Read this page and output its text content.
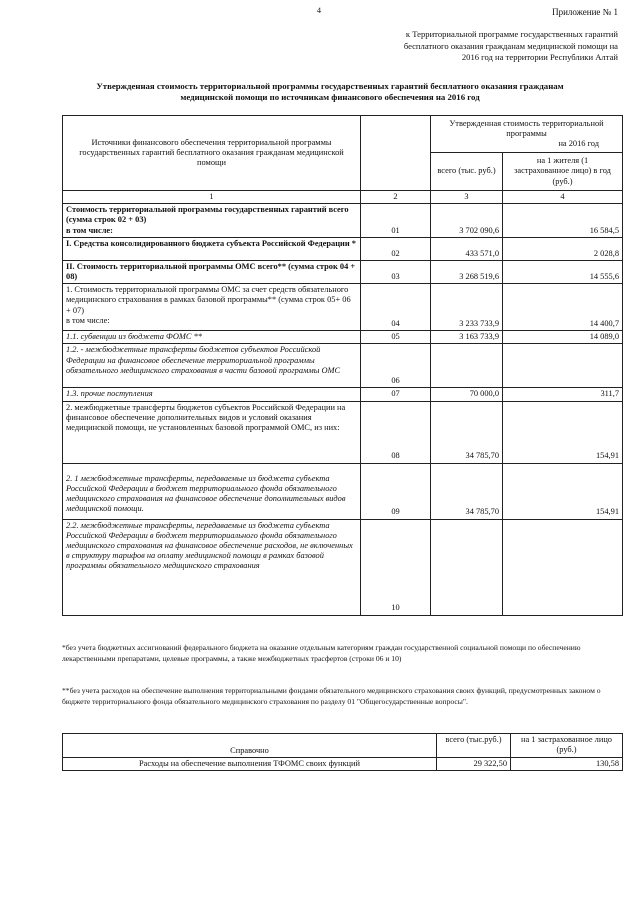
4	Приложение № 1
к Территориальной программе государственных гарантий
бесплатного оказания гражданам медицинской помощи на
2016 год на территории Республики Алтай
Утвержденная стоимость территориальной программы государственных гарантий бесплатного оказания гражданам
медицинской помощи по источникам финансового обеспечения на 2016 год
Источники финансового обеспечения территориальной программы государственных гарантий бесплатного оказания гражданам медицинской помощи		Утвержденная стоимость территориальной программы
на 2016 год	

		всего (тыс. руб.)	на 1 жителя (1 застрахованное лицо) в год (руб.)
1	2	3	4

Стоимость территориальной программы государственных гарантий всего (сумма строк 02 + 03)
в том числе:	01	3 702 090,6	16 584,5
I. Средства консолидированного бюджета субъекта Российской Федерации *	02	433 571,0	2 028,8
II. Стоимость территориальной программы ОМС всего** (сумма строк 04 + 08)	03	3 268 519,6	14 555,6

1. Стоимость территориальной программы ОМС за счет средств обязательного медицинского страхования в рамках базовой программы** (сумма строк 05+ 06 + 07)
в том числе:	04	3 233 733,9	14 400,7
1.1. субвенции из бюджета ФОМС **	05	3 163 733,9	14 089,0
1.2. - межбюджетные трансферты бюджетов субъектов Российской Федерации на финансовое обеспечение территориальной программы обязательного медицинского страхования в части базовой программы ОМС	06		
1.3. прочие поступления	07	70 000,0	311,7
2. межбюджетные трансферты бюджетов субъектов Российской Федерации на финансовое обеспечение дополнительных видов и условий оказания медицинской помощи, не установленных базовой программой ОМС, из них:	08	34 785,70	154,91
2. 1 межбюджетные трансферты, передаваемые из бюджета субъекта Российской Федерации в бюджет территориального фонда обязательного медицинского страхования на финансовое обеспечение дополнительных видов медицинской помощи.	09	34 785,70	154,91
2.2. межбюджетные трансферты, передаваемые из бюджета субъекта Российской Федерации в бюджет территориального фонда обязательного медицинского страхования на финансовое обеспечение расходов, не включенных в структуру тарифов на оплату медицинской помощи в рамках базовой программы обязательного медицинского страхования	10		
*без учета бюджетных ассигнований федерального бюджета на оказание отдельным категориям граждан государственной социальной помощи по обеспечению лекарственными препаратами, целевые программы, а также межбюджетных трасфертов (строки 06 и 10)
**без учета расходов на обеспечение выполнения территориальными фондами обязательного медицинского страхования своих функций, предусмотренных законом о бюджете территориального фонда обязательного медицинского страхования по разделу 01 "Общегосударственные вопросы".
Справочно	всего (тыс.руб.)	на 1 застрахованное лицо (руб.)
Расходы на обеспечение выполнения ТФОМС своих функций	29 322,50	130,58
